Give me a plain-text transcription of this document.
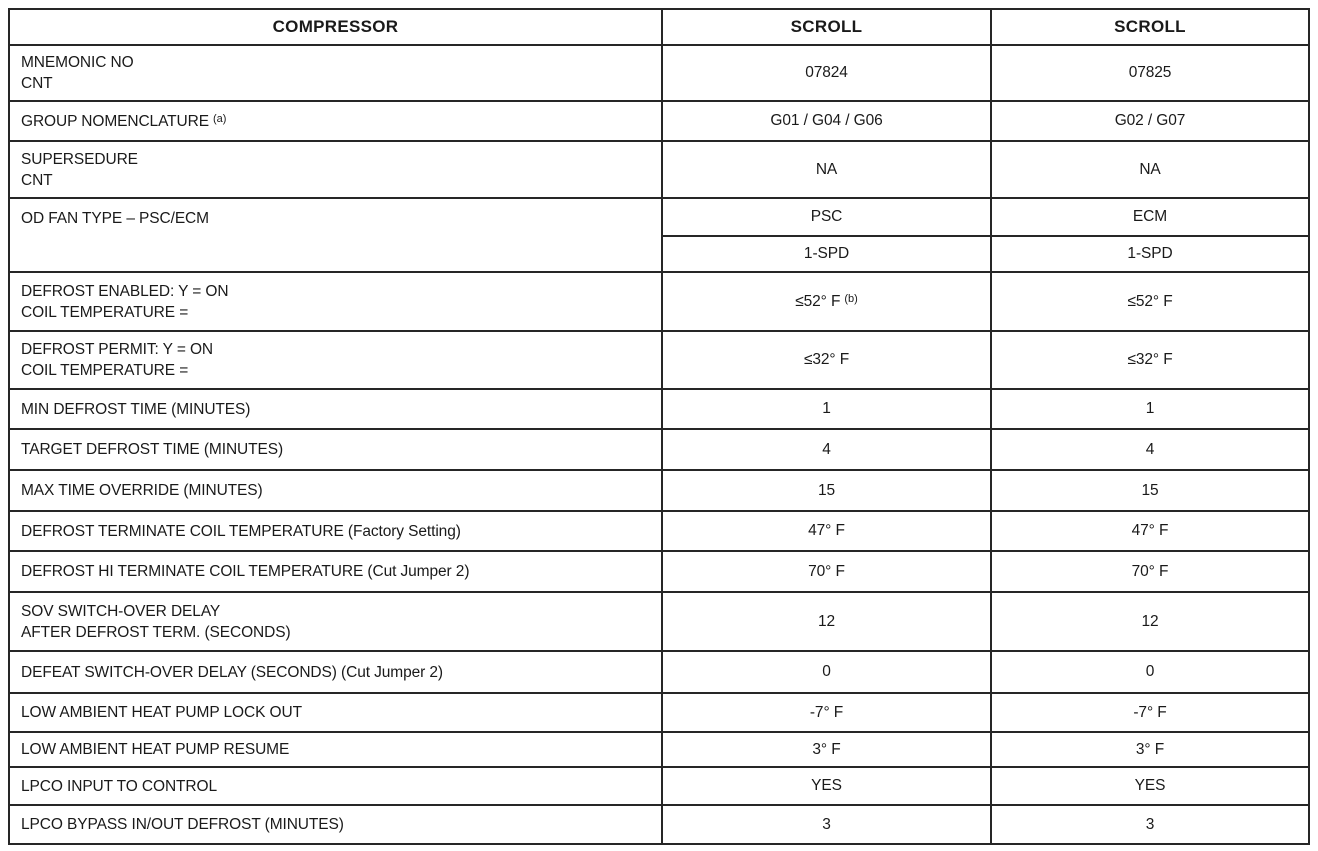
COMPRESSOR	SCROLL	SCROLL

MNEMONIC NO
CNT	07824	07825
GROUP NOMENCLATURE $^{(a)}$	G01 / G04 / G06	G02 / G07

SUPERSEDURE
CNT	NA	NA
OD FAN TYPE – PSC/ECM	PSC	ECM
	1-SPD	1-SPD

DEFROST ENABLED: Y = ON
COIL TEMPERATURE =	≤52° F $^{(b)}$	≤52° F

DEFROST PERMIT: Y = ON
COIL TEMPERATURE =	≤32° F	≤32° F
MIN DEFROST TIME (MINUTES)	1	1
TARGET DEFROST TIME (MINUTES)	4	4
MAX TIME OVERRIDE (MINUTES)	15	15
DEFROST TERMINATE COIL TEMPERATURE (Factory Setting)	47° F	47° F
DEFROST HI TERMINATE COIL TEMPERATURE (Cut Jumper 2)	70° F	70° F

SOV SWITCH-OVER DELAY
AFTER DEFROST TERM. (SECONDS)	12	12
DEFEAT SWITCH-OVER DELAY (SECONDS) (Cut Jumper 2)	0	0
LOW AMBIENT HEAT PUMP LOCK OUT	-7° F	-7° F
LOW AMBIENT HEAT PUMP RESUME	3° F	3° F
LPCO INPUT TO CONTROL	YES	YES
LPCO BYPASS IN/OUT DEFROST (MINUTES)	3	3
